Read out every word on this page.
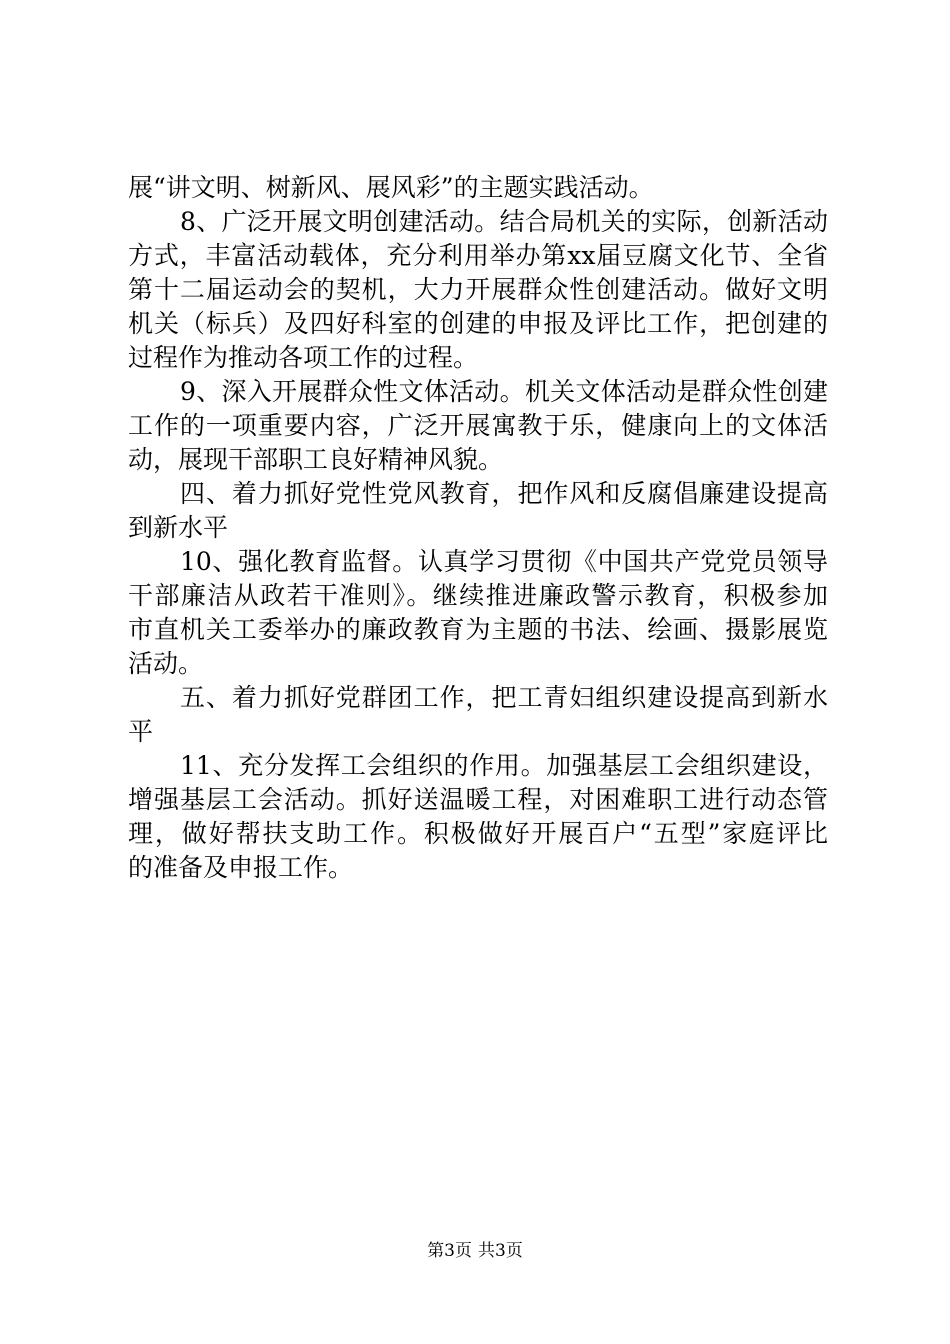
展“讲文明、树新风、展风彩”的主题实践活动。
8、广泛开展文明创建活动。结合局机关的实际，创新活动
方式，丰富活动载体，充分利用举办第xx届豆腐文化节、全省
第十二届运动会的契机，大力开展群众性创建活动。做好文明
机关（标兵）及四好科室的创建的申报及评比工作，把创建的
过程作为推动各项工作的过程。
9、深入开展群众性文体活动。机关文体活动是群众性创建
工作的一项重要内容，广泛开展寓教于乐，健康向上的文体活
动，展现干部职工良好精神风貌。
四、着力抓好党性党风教育，把作风和反腐倡廉建设提高
到新水平
10、强化教育监督。认真学习贯彻《中国共产党党员领导
干部廉洁从政若干准则》。继续推进廉政警示教育，积极参加
市直机关工委举办的廉政教育为主题的书法、绘画、摄影展览
活动。
五、着力抓好党群团工作，把工青妇组织建设提高到新水
平
11、充分发挥工会组织的作用。加强基层工会组织建设，
增强基层工会活动。抓好送温暖工程，对困难职工进行动态管
理，做好帮扶支助工作。积极做好开展百户“五型”家庭评比
的准备及申报工作。
第3页 共3页
